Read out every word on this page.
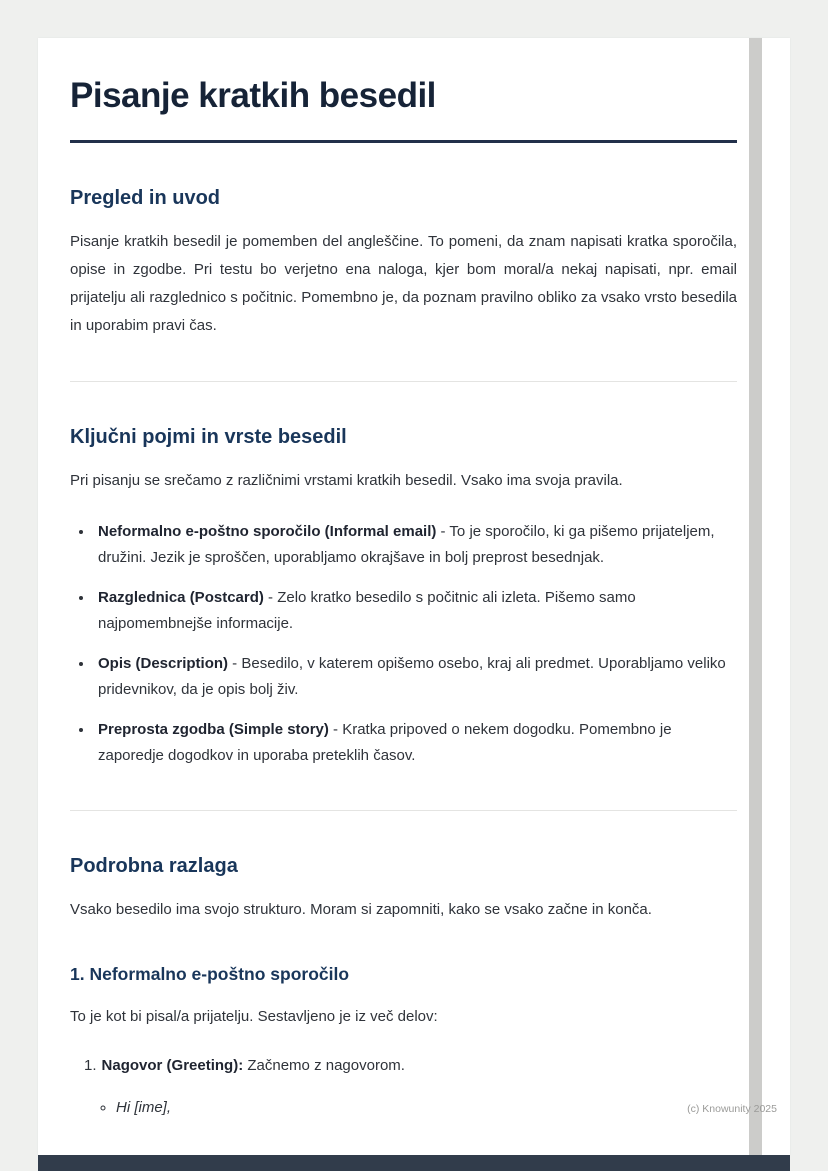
Pisanje kratkih besedil
Pregled in uvod

Pisanje kratkih besedil je pomemben del angleščine. To pomeni, da znam napisati kratka sporočila, opise in zgodbe. Pri testu bo verjetno ena naloga, kjer bom moral/a nekaj napisati, npr. email prijatelju ali razglednico s počitnic. Pomembno je, da poznam pravilno obliko za vsako vrsto besedila in uporabim pravi čas.

Ključni pojmi in vrste besedil

Pri pisanju se srečamo z različnimi vrstami kratkih besedil. Vsako ima svoja pravila.

• Neformalno e-poštno sporočilo (Informal email) - To je sporočilo, ki ga pišemo prijateljem, družini. Jezik je sproščen, uporabljamo okrajšave in bolj preprost besednjak.
• Razglednica (Postcard) - Zelo kratko besedilo s počitnic ali izleta. Pišemo samo najpomembnejše informacije.
• Opis (Description) - Besedilo, v katerem opišemo osebo, kraj ali predmet. Uporabljamo veliko pridevnikov, da je opis bolj živ.
• Preprosta zgodba (Simple story) - Kratka pripoved o nekem dogodku. Pomembno je zaporedje dogodkov in uporaba preteklih časov.
Podrobna razlaga

Vsako besedilo ima svojo strukturo. Moram si zapomniti, kako se vsako začne in konča.

1. Neformalno e-poštno sporočilo

To je kot bi pisal/a prijatelju. Sestavljeno je iz več delov:

1. Nagovor (Greeting): Začnemo z nagovorom.
◦ Hi [ime],	(c) Knowunity 2025
